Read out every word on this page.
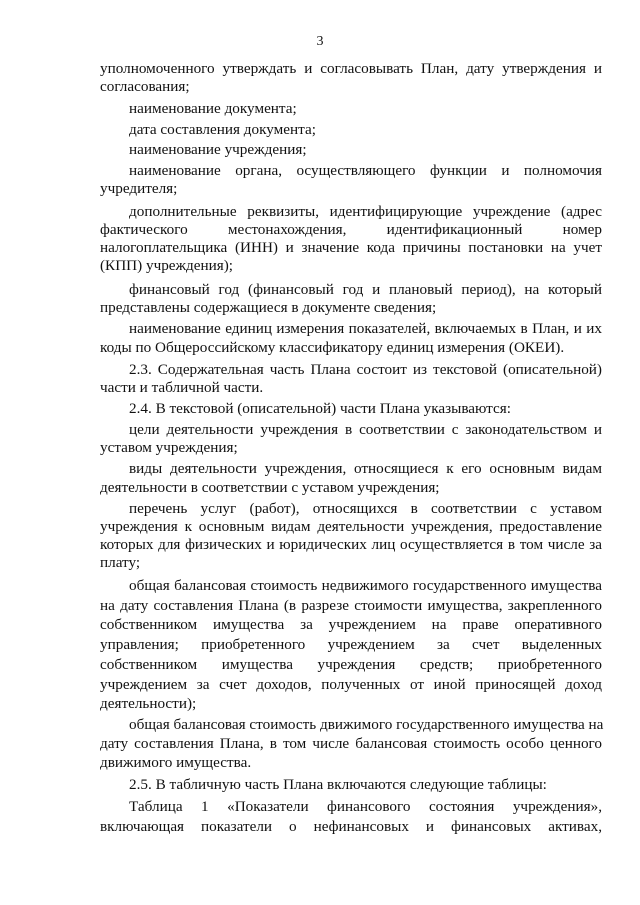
3
уполномоченного утверждать и согласовывать План, дату утверждения и
согласования;
наименование документа;
дата составления документа;
наименование учреждения;
наименование органа, осуществляющего функции и полномочия
учредителя;
дополнительные реквизиты, идентифицирующие учреждение (адрес
фактического местонахождения, идентификационный номер
налогоплательщика (ИНН) и значение кода причины постановки на учет
(КПП) учреждения);
финансовый год (финансовый год и плановый период), на который
представлены содержащиеся в документе сведения;
наименование единиц измерения показателей, включаемых в План, и их
коды по Общероссийскому классификатору единиц измерения (ОКЕИ).
2.3. Содержательная часть Плана состоит из текстовой (описательной)
части и табличной части.
2.4. В текстовой (описательной) части Плана указываются:
цели деятельности учреждения в соответствии с законодательством и
уставом учреждения;
виды деятельности учреждения, относящиеся к его основным видам
деятельности в соответствии с уставом учреждения;
перечень услуг (работ), относящихся в соответствии с уставом
учреждения к основным видам деятельности учреждения, предоставление
которых для физических и юридических лиц осуществляется в том числе за
плату;
общая балансовая стоимость недвижимого государственного имущества
на дату составления Плана (в разрезе стоимости имущества, закрепленного
собственником имущества за учреждением на праве оперативного
управления; приобретенного учреждением за счет выделенных
собственником имущества учреждения средств; приобретенного
учреждением за счет доходов, полученных от иной приносящей доход
деятельности);
общая балансовая стоимость движимого государственного имущества на
дату составления Плана, в том числе балансовая стоимость особо ценного
движимого имущества.
2.5. В табличную часть Плана включаются следующие таблицы:
Таблица 1 «Показатели финансового состояния учреждения»,
включающая показатели о нефинансовых и финансовых активах,
